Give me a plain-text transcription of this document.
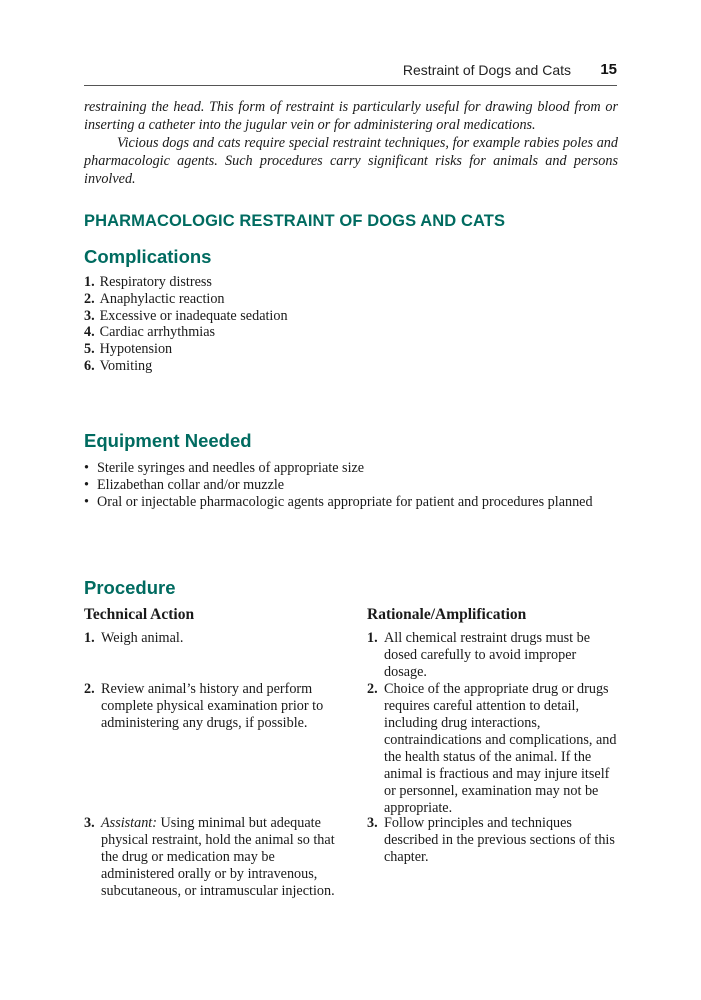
Restraint of Dogs and Cats 15

restraining the head. This form of restraint is particularly useful for drawing blood from or inserting a catheter into the jugular vein or for administering oral medications.

Vicious dogs and cats require special restraint techniques, for example rabies poles and pharmacologic agents. Such procedures carry significant risks for animals and persons involved.

PHARMACOLOGIC RESTRAINT OF DOGS AND CATS
Complications
1. Respiratory distress
2. Anaphylactic reaction
3. Excessive or inadequate sedation
4. Cardiac arrhythmias
5. Hypotension
6. Vomiting
Equipment Needed
• Sterile syringes and needles of appropriate size
• Elizabethan collar and/or muzzle
• Oral or injectable pharmacologic agents appropriate for patient and procedures planned
Procedure
Technical Action	Rationale/Amplification
1. Weigh animal.	1. All chemical restraint drugs must be dosed carefully to avoid improper dosage.
2. Review animal’s history and perform complete physical examination prior to administering any drugs, if possible.
2. Choice of the appropriate drug or drugs requires careful attention to detail, including drug interactions, contraindications and complications, and the health status of the animal. If the animal is fractious and may injure itself or personnel, examination may not be appropriate.
3. Assistant: Using minimal but adequate physical restraint, hold the animal so that the drug or medication may be administered orally or by intravenous, subcutaneous, or intramuscular injection.
3. Follow principles and techniques described in the previous sections of this chapter.
